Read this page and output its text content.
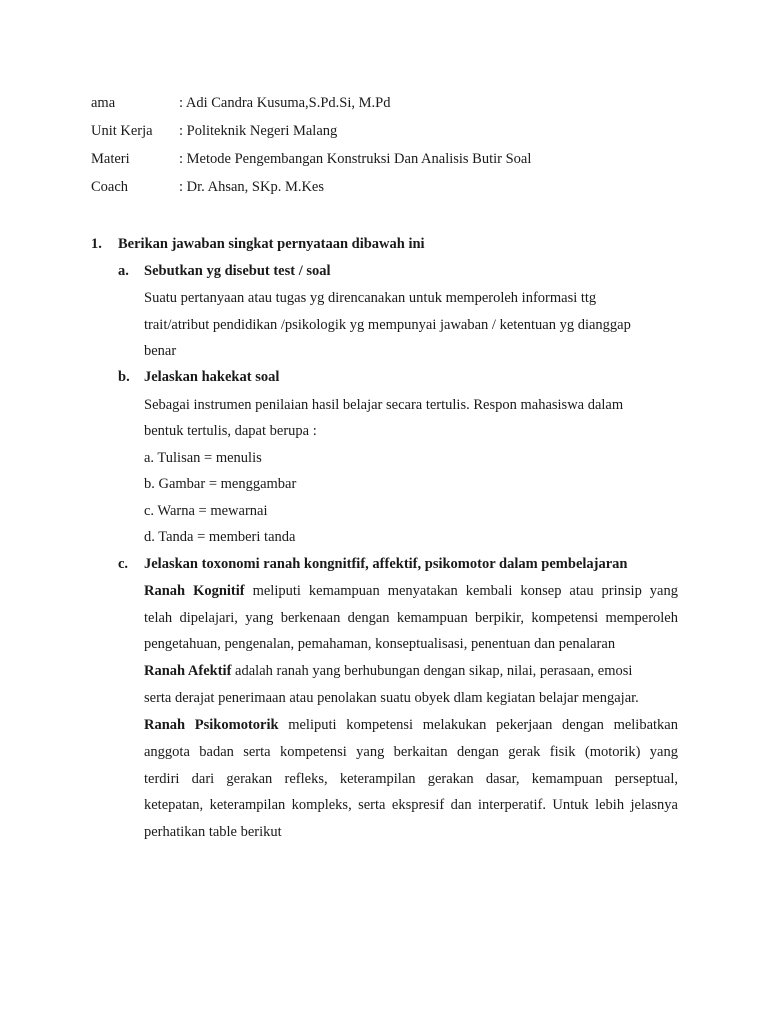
ama	: Adi Candra Kusuma,S.Pd.Si, M.Pd
Unit Kerja : Politeknik Negeri Malang
Materi	: Metode Pengembangan Konstruksi Dan Analisis Butir Soal
Coach	: Dr. Ahsan, SKp. M.Kes
1. Berikan jawaban singkat pernyataan dibawah ini
a. Sebutkan yg disebut test / soal
Suatu pertanyaan atau tugas yg direncanakan untuk memperoleh informasi ttg
trait/atribut pendidikan /psikologik yg mempunyai jawaban / ketentuan yg dianggap
benar
b. Jelaskan hakekat soal
Sebagai instrumen penilaian hasil belajar secara tertulis. Respon mahasiswa dalam
bentuk tertulis, dapat berupa :
a. Tulisan = menulis
b. Gambar = menggambar
c. Warna = mewarnai
d. Tanda = memberi tanda
c. Jelaskan toxonomi ranah kongnitfif, affektif, psikomotor dalam pembelajaran
Ranah Kognitif meliputi kemampuan menyatakan kembali konsep atau prinsip yang
telah dipelajari, yang berkenaan dengan kemampuan berpikir, kompetensi memperoleh
pengetahuan, pengenalan, pemahaman, konseptualisasi, penentuan dan penalaran
Ranah Afektif adalah ranah yang berhubungan dengan sikap, nilai, perasaan, emosi
serta derajat penerimaan atau penolakan suatu obyek dlam kegiatan belajar mengajar.
Ranah Psikomotorik meliputi kompetensi melakukan pekerjaan dengan melibatkan
anggota badan serta kompetensi yang berkaitan dengan gerak fisik (motorik) yang
terdiri dari gerakan refleks, keterampilan gerakan dasar, kemampuan perseptual,
ketepatan, keterampilan kompleks, serta ekspresif dan interperatif. Untuk lebih jelasnya
perhatikan table berikut
